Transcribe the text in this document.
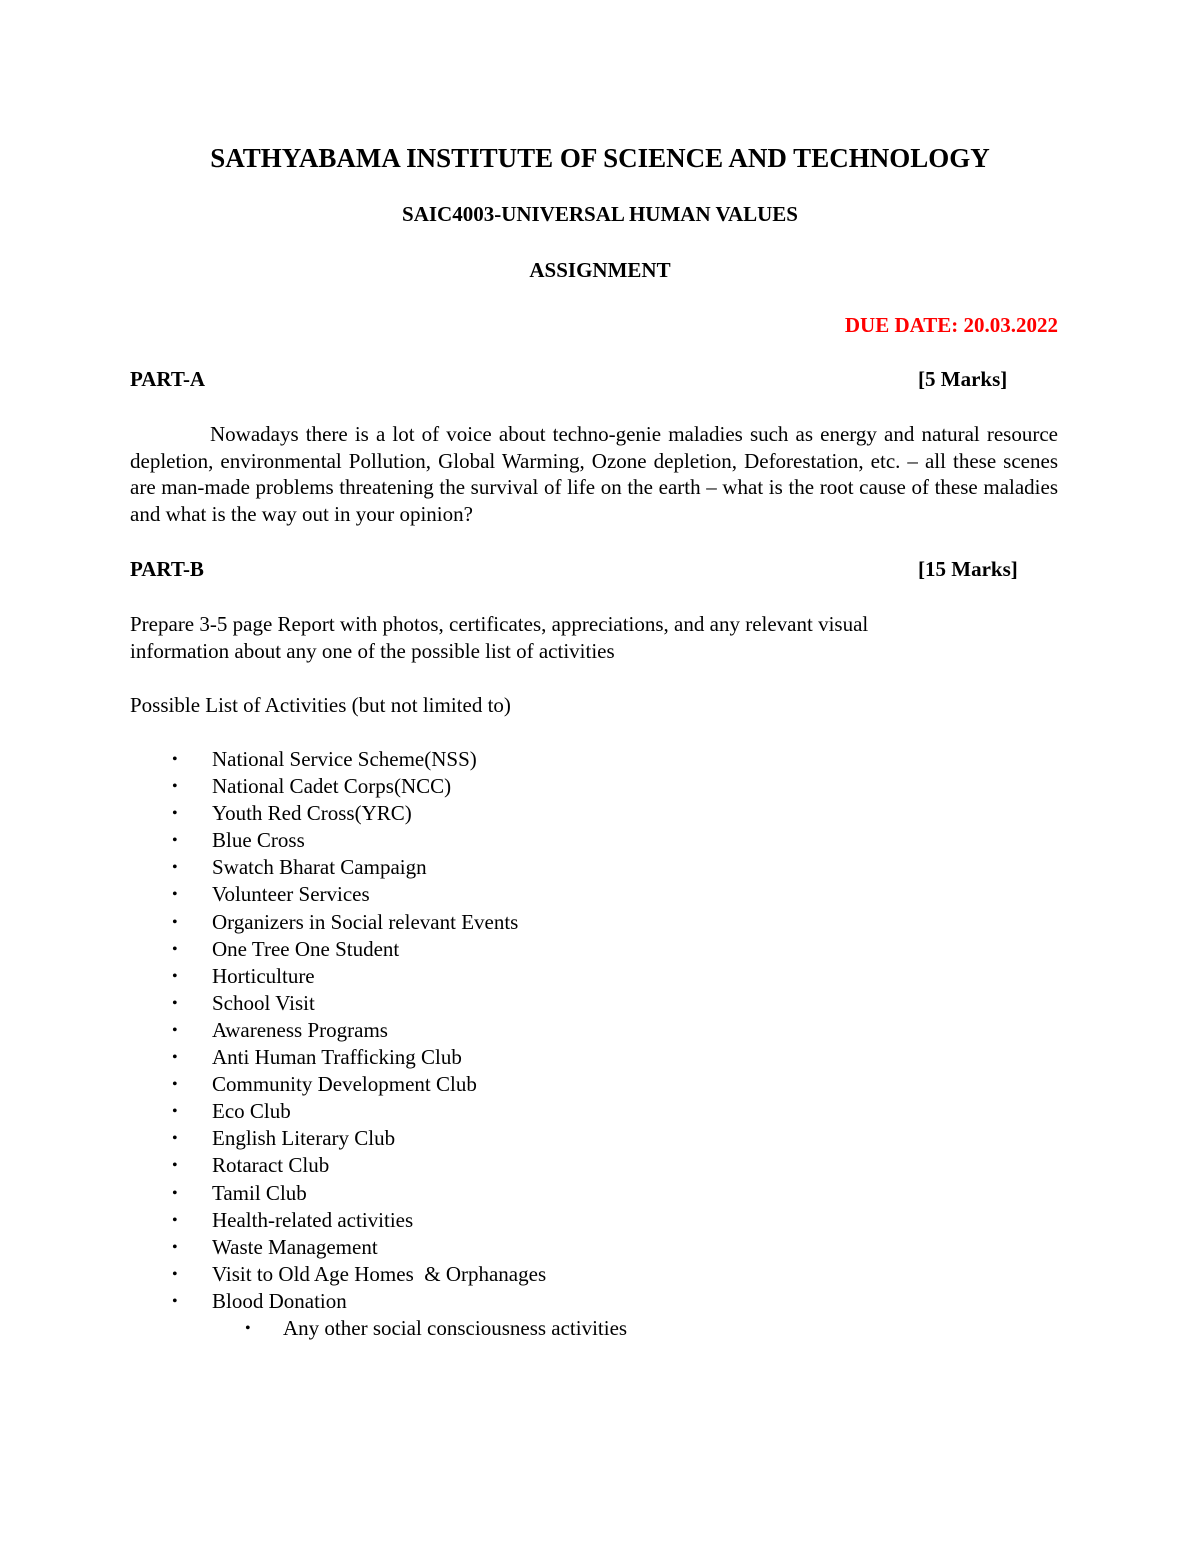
SATHYABAMA INSTITUTE OF SCIENCE AND TECHNOLOGY
SAIC4003-UNIVERSAL HUMAN VALUES
ASSIGNMENT
DUE DATE: 20.03.2022
PART-A	[5 Marks]
Nowadays there is a lot of voice about techno-genie maladies such as energy and natural resource depletion, environmental Pollution, Global Warming, Ozone depletion, Deforestation, etc. – all these scenes are man-made problems threatening the survival of life on the earth – what is the root cause of these maladies and what is the way out in your opinion?
PART-B	[15 Marks]
Prepare 3-5 page Report with photos, certificates, appreciations, and any relevant visual
information about any one of the possible list of activities
Possible List of Activities (but not limited to)
• National Service Scheme(NSS)
• National Cadet Corps(NCC)
• Youth Red Cross(YRC)
• Blue Cross
• Swatch Bharat Campaign
• Volunteer Services
• Organizers in Social relevant Events
• One Tree One Student
• Horticulture
• School Visit
• Awareness Programs
• Anti Human Trafficking Club
• Community Development Club
• Eco Club
• English Literary Club
• Rotaract Club
• Tamil Club
• Health-related activities
• Waste Management
• Visit to Old Age Homes  & Orphanages
• Blood Donation
• Any other social consciousness activities
